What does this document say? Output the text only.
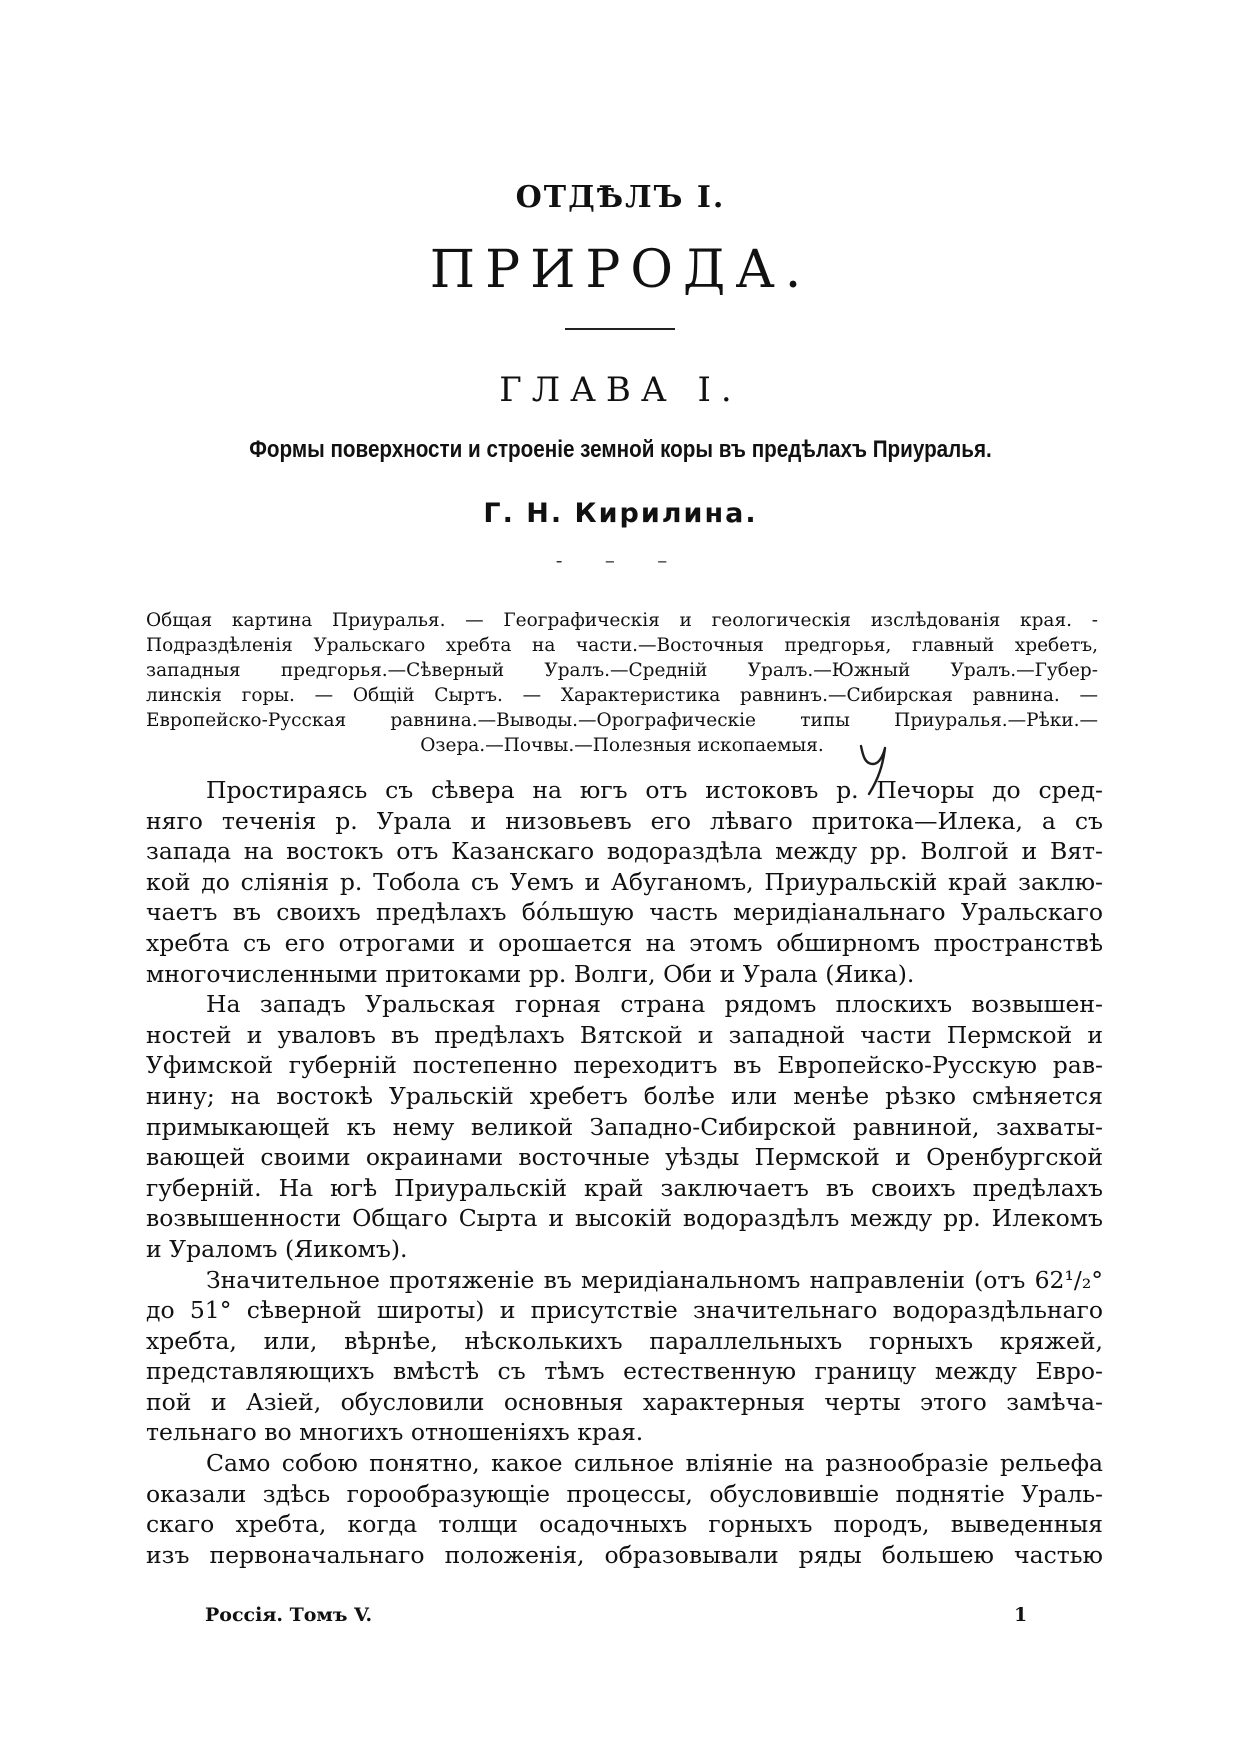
ОТДѢЛЪ I.
ПРИРОДА.
ГЛАВА I.
Формы поверхности и строеніе земной коры въ предѣлахъ Приуралья.
Г. Н. Кирилина.
- – –
Общая картина Приуралья. — Географическія и геологическія изслѣдованія края. -
Подраздѣленія Уральскаго хребта на части.—Восточныя предгорья, главный хребетъ,
западныя предгорья.—Сѣверный Уралъ.—Средній Уралъ.—Южный Уралъ.—Губер-
линскія горы. — Общій Сыртъ. — Характеристика равнинъ.—Сибирская равнина. —
Европейско-Русская равнина.—Выводы.—Орографическіе типы Приуралья.—Рѣки.—
Озера.—Почвы.—Полезныя ископаемыя.

Простираясь съ сѣвера на югъ отъ истоковъ р. Печоры до сред-
няго теченія р. Урала и низовьевъ его лѣваго притока—Илека, а съ
запада на востокъ отъ Казанскаго водораздѣла между рр. Волгой и Вят-
кой до сліянія р. Тобола съ Уемъ и Абуганомъ, Приуральскій край заклю-
чаетъ въ своихъ предѣлахъ бóльшую часть меридіанальнаго Уральскаго
хребта съ его отрогами и орошается на этомъ обширномъ пространствѣ
многочисленными притоками рр. Волги, Оби и Урала (Яика).

На западъ Уральская горная страна рядомъ плоскихъ возвышен-
ностей и уваловъ въ предѣлахъ Вятской и западной части Пермской и
Уфимской губерній постепенно переходитъ въ Европейско-Русскую рав-
нину; на востокѣ Уральскій хребетъ болѣе или менѣе рѣзко смѣняется
примыкающей къ нему великой Западно-Сибирской равниной, захваты-
вающей своими окраинами восточные уѣзды Пермской и Оренбургской
губерній. На югѣ Приуральскій край заключаетъ въ своихъ предѣлахъ
возвышенности Общаго Сырта и высокій водораздѣлъ между рр. Илекомъ
и Ураломъ (Яикомъ).

Значительное протяженіе въ меридіанальномъ направленіи (отъ 62¹/₂°
до 51° сѣверной широты) и присутствіе значительнаго водораздѣльнаго
хребта, или, вѣрнѣе, нѣсколькихъ параллельныхъ горныхъ кряжей,
представляющихъ вмѣстѣ съ тѣмъ естественную границу между Евро-
пой и Азіей, обусловили основныя характерныя черты этого замѣча-
тельнаго во многихъ отношеніяхъ края.

Само собою понятно, какое сильное вліяніе на разнообразіе рельефа
оказали здѣсь горообразующіе процессы, обусловившіе поднятіе Ураль-
скаго хребта, когда толщи осадочныхъ горныхъ породъ, выведенныя
изъ первоначальнаго положенія, образовывали ряды большею частью

Россія. Томъ V.	1
